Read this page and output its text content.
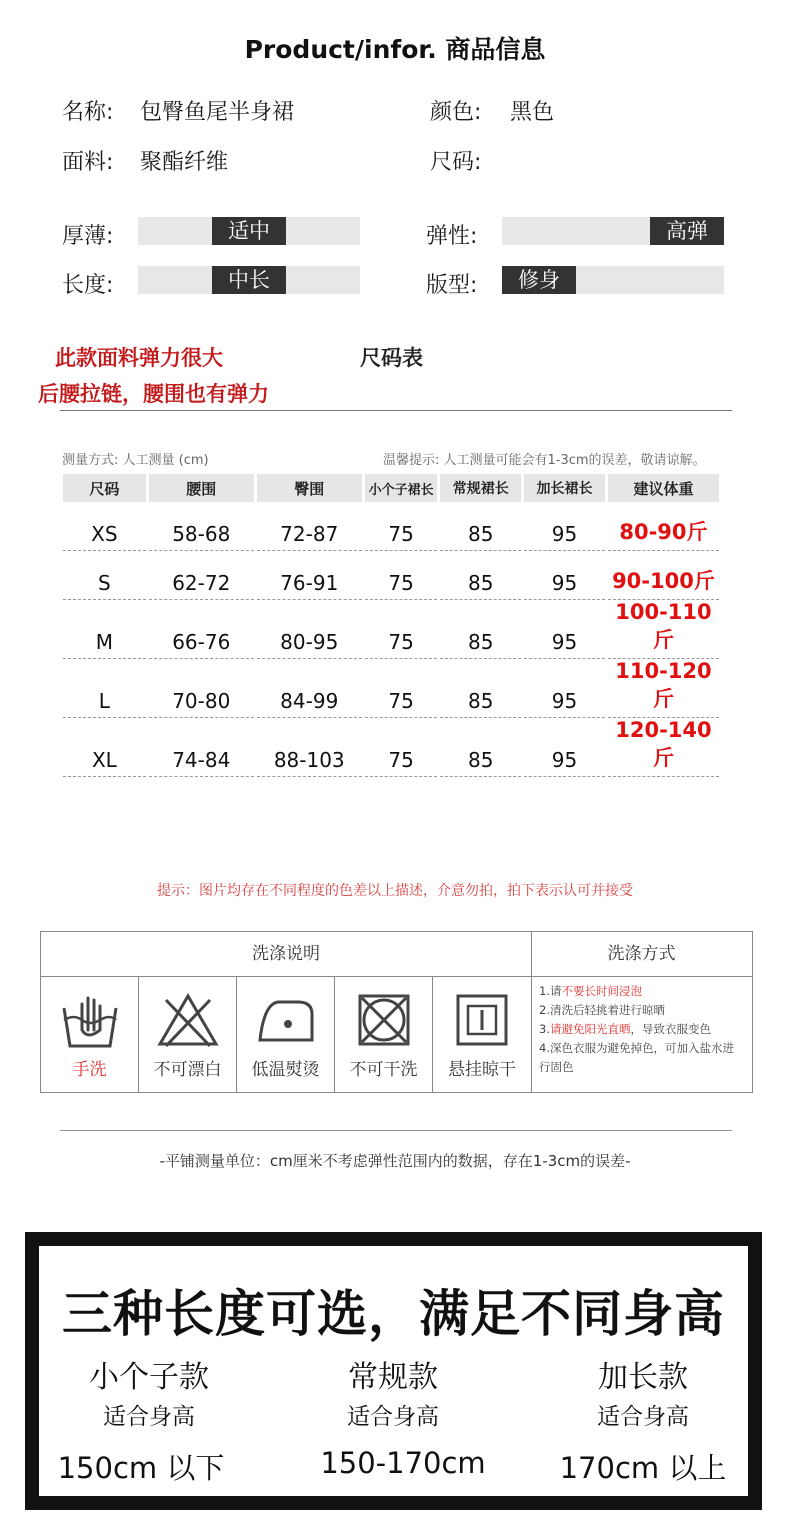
Product/infor. 商品信息
名称: 包臀鱼尾半身裙	颜色: 黑色
面料: 聚酯纤维	尺码:
厚薄:	适中	弹性:	高弹
长度:	中长	版型:	修身
此款面料弹力很大
后腰拉链，腰围也有弹力
尺码表
测量方式: 人工测量 (cm)	温馨提示: 人工测量可能会有1-3cm的误差，敬请谅解。
尺码	腰围	臀围	小个子裙长	常规裙长	加长裙长	建议体重
XS	58-68	72-87	75	85	95	80-90斤
S	62-72	76-91	75	85	95	90-100斤
M	66-76	80-95	75	85	95	100-110斤
L	70-80	84-99	75	85	95	110-120斤
XL	74-84	88-103	75	85	95	120-140斤
提示：图片均存在不同程度的色差以上描述，介意勿拍，拍下表示认可并接受
洗涤说明	洗涤方式
手洗	不可漂白	低温熨烫	不可干洗	悬挂晾干
1.请不要长时间浸泡
2.清洗后轻挑着进行晾晒
3.请避免阳光直晒，导致衣服变色
4.深色衣服为避免掉色，可加入盐水进行固色
-平铺测量单位：cm厘米不考虑弹性范围内的数据，存在1-3cm的误差-
三种长度可选，满足不同身高
小个子款
适合身高
150cm 以下
常规款
适合身高
150-170cm
加长款
适合身高
170cm 以上
